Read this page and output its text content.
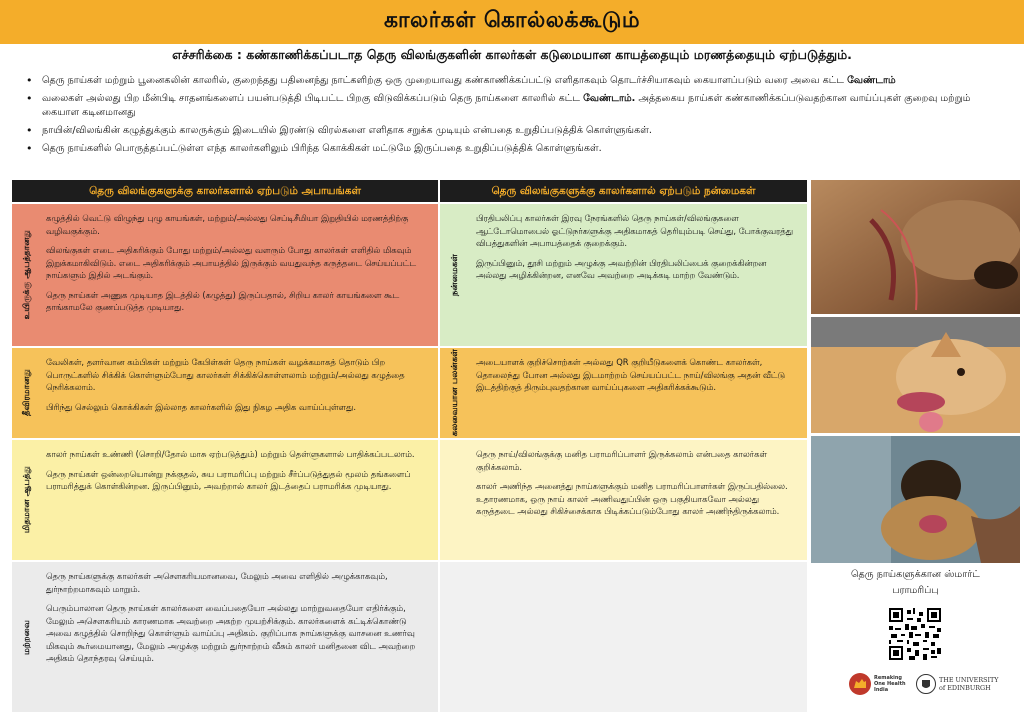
காலர்கள் கொல்லக்கூடும்
எச்சரிக்கை : கண்காணிக்கப்படாத தெரு விலங்குகளின் காலர்கள் கடுமையான காயத்தையும் மரணத்தையும் ஏற்படுத்தும்.
• தெரு நாய்கள் மற்றும் பூனைகலின் காலரில், குறைந்தது பதினைந்து நாட்களிற்கு ஒரு முறையாவது கண்காணிக்கப்பட்டு எளிதாகவும் தொடர்ச்சியாகவும் கையாளப்படும் வரை அவை கட்ட வேண்டாம்
• வலைகள் அல்லது பிற மீன்பிடி சாதனங்களைப் பயன்படுத்தி பிடிபட்ட பிறகு விடுவிக்கப்படும் தெரு நாய்களை காலரில் கட்ட வேண்டாம். அத்தகைய நாய்கள் கண்காணிக்கப்படுவதற்கான வாய்ப்புகள் குறைவு மற்றும் கையாள கடினமானது
• நாயின்/விலங்கின் கழுத்துக்கும் காலருக்கும் இடையில் இரண்டு விரல்களை எளிதாக சறுக்க முடியும் என்பதை உறுதிப்படுத்திக் கொள்ளுங்கள்.
• தெரு நாய்களில் பொருத்தப்பட்டுள்ள எந்த காலர்களிலும் பிரிந்த கொக்கிகள் மட்டுமே இருப்பதை உறுதிப்படுத்திக் கொள்ளுங்கள்.
தெரு விலங்குகளுக்கு காலர்களால் ஏற்படும் அபாயங்கள்	தெரு விலங்குகளுக்கு காலர்களால் ஏற்படும் நன்மைகள்
உயிருக்கு ஆபத்தானது

கழுத்தில் வெட்டு விழுந்து புழு காயங்கள், மற்றும்/அல்லது செப்டிசீமியா இறுதியில் மரணத்திற்கு வழிவகுக்கும்.

விலங்குகள் எடை அதிகரிக்கும் போது மற்றும்/அல்லது வளரும் போது காலர்கள் எளிதில் மிகவும் இறுக்கமாகிவிடும். எடை அதிகரிக்கும் அபாயத்தில் இருக்கும் வயதுவந்த கருத்தடை செய்யப்பட்ட நாய்களும் இதில் அடங்கும்.

தெரு நாய்கள் அணுக முடியாத இடத்தில் (கழுத்து) இருப்பதால், சிறிய காலர் காயங்களை கூட தாங்காமலே குணப்படுத்த முடியாது.

நன்மைகள்

பிரதிபலிப்பு காலர்கள் இரவு நேரங்களில் தெரு நாய்கள்/விலங்குகளை ஆட்டோமொபைல் ஓட்டுநர்களுக்கு அதிகமாகத் தெரியும்படி செய்து, போக்குவரத்து விபத்துகளின் அபாயத்தைக் குறைக்கும்.

இருப்பினும், தூசி மற்றும் அழுக்கு அவற்றின் பிரதிபலிப்பைக் குறைக்கின்றன அல்லது அழிக்கின்றன, எனவே அவற்றை அடிக்கடி மாற்ற வேண்டும்.

தீவிரமானது

வேலிகள், தளர்வான கம்பிகள் மற்றும் கேபிள்கள் தெரு நாய்கள் வழக்கமாகத் தொடும் பிற பொருட்களில் சிக்கிக் கொள்ளும்போது காலர்கள் சிக்கிக்கொள்ளலாம் மற்றும்/அல்லது கழுத்தை நெரிக்கலாம்.

பிரிந்து செல்லும் கொக்கிகள் இல்லாத காலர்களில் இது நிகழ அதிக வாய்ப்புள்ளது.	கலவையான பலன்கள் அடையாளக் குறிச்சொற்கள் அல்லது QR குறியீடுகளைக் கொண்ட காலர்கள், தொலைந்து போன அல்லது இடமாற்றம் செய்யப்பட்ட நாய்/விலங்கு அதன் வீட்டு இடத்திற்குத் திரும்புவதற்கான வாய்ப்புகளை அதிகரிக்கக்கூடும்.

மிதமான ஆபத்து

காலர் நாய்கள் உண்ணி (சொறி/தோல் மாசு ஏற்படுத்தும்) மற்றும் தெள்ளுகளால் பாதிக்கப்படலாம்.

தெரு நாய்கள் ஒன்றையொன்று நக்குதல், சுய பராமரிப்பு மற்றும் சீர்ப்படுத்துதல் மூலம் தங்களைப் பராமரித்துக் கொள்கின்றன. இருப்பினும், அவற்றால் காலர் இடத்தைப் பராமரிக்க முடியாது.

தெரு நாய்/விலங்குக்கு மனித பராமரிப்பாளர் இருக்கலாம் என்பதை காலர்கள் குறிக்கலாம்.

காலர் அணிந்த அனைத்து நாய்களுக்கும் மனித பராமரிப்பாளர்கள் இருப்பதில்லை. உதாரணமாக, ஒரு நாய் காலர் அணிவதுப்பின் ஒரு பகுதியாகவோ அல்லது கருத்தடை அல்லது சிகிச்சைக்காக பிடிக்கப்படும்போது காலர் அணிந்திருக்கலாம்.

மற்றவை

தெரு நாய்களுக்கு காலர்கள் அசௌகரியமானவை, மேலும் அவை எளிதில் அழுக்காகவும், துர்நாற்றமாகவும் மாறும்.

பெரும்பாலான தெரு நாய்கள் காலர்களை வைப்பதையோ அல்லது மாற்றுவதையோ எதிர்க்கும், மேலும் அசௌகரியம் காரணமாக அவற்றை அகற்ற முயற்சிக்கும். காலர்களைக் கட்டிக்கொண்டு அவை கழுத்தில் சொறிந்து கொள்ளும் வாய்ப்பு அதிகம். குறிப்பாக நாய்களுக்கு வாசனை உணர்வு மிகவும் கூர்மையானது, மேலும் அழுக்கு மற்றும் துர்நாற்றம் வீசும் காலர் மனிதனை விட அவற்றை அதிகம் தொந்தரவு செய்யும்.

தெரு நாய்களுக்கான ஸ்மார்ட்
பராமரிப்பு
Remaking
One Health
India
THE UNIVERSITY
of EDINBURGH
